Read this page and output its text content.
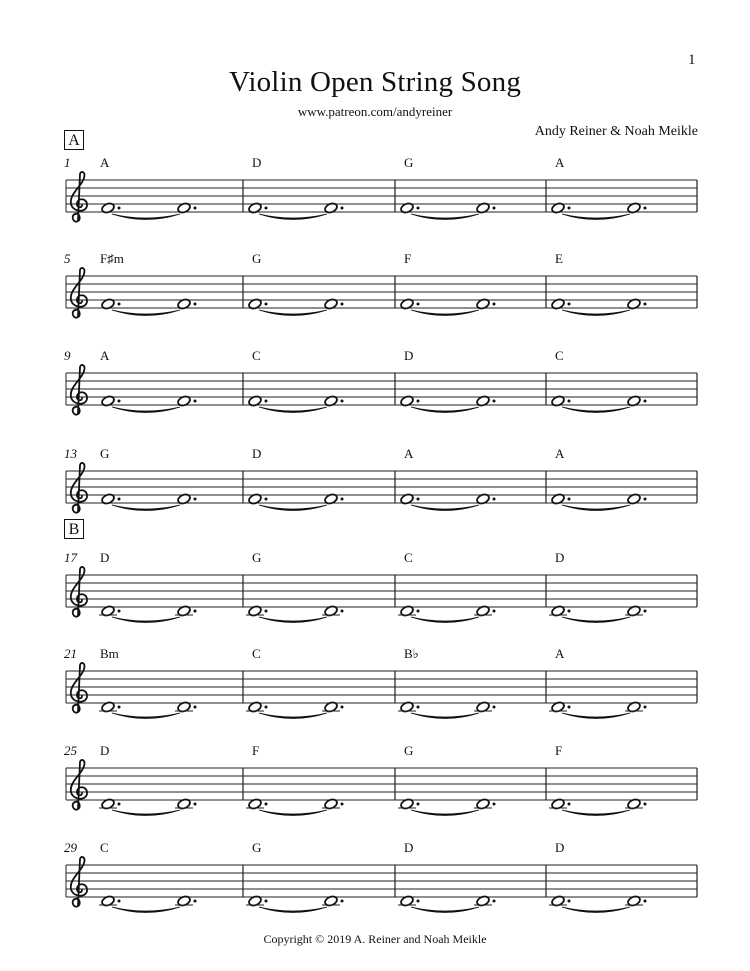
1
Violin Open String Song
www.patreon.com/andyreiner
Andy Reiner & Noah Meikle
A
B
1 A	D	G	A
5 F♯m	G	F	E
9 A	C	D	C
13 G	D	A	A
17 D	G	C	D
21 Bm	C	B♭	A
25 D	F	G	F
29 C	G	D	D
Copyright © 2019 A. Reiner and Noah Meikle
